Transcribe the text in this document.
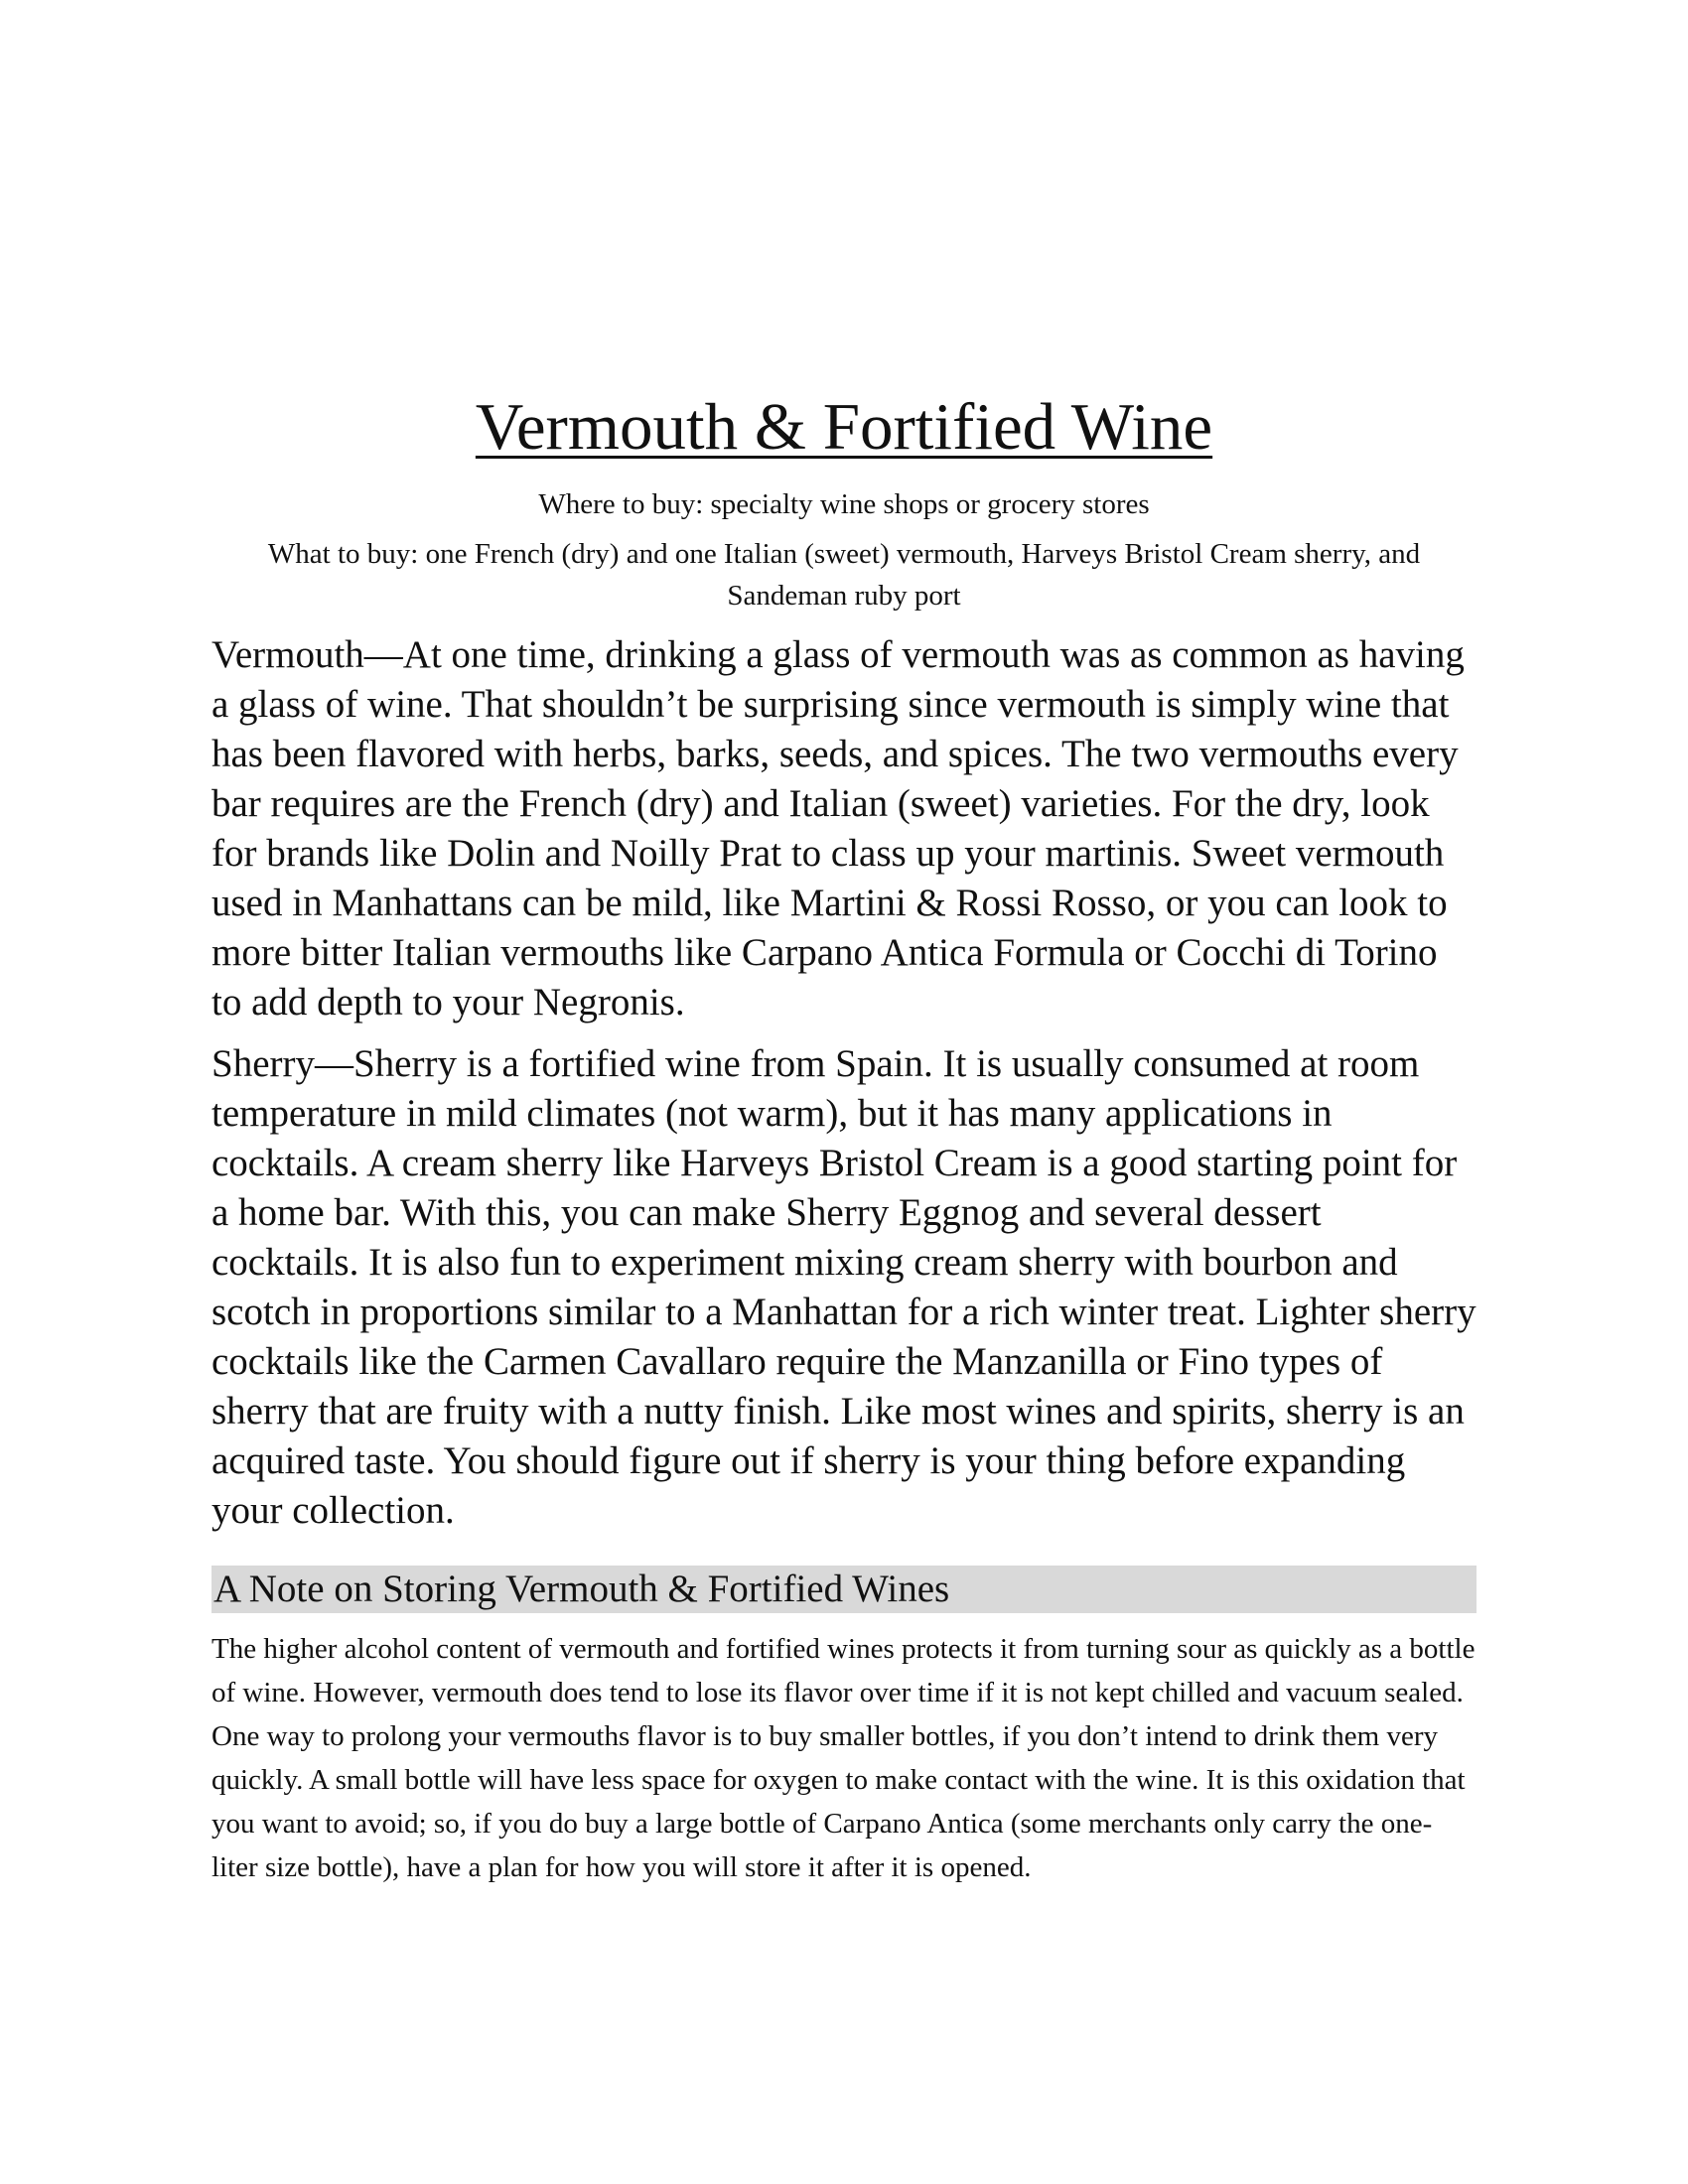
Vermouth & Fortified Wine

Where to buy: specialty wine shops or grocery stores

What to buy: one French (dry) and one Italian (sweet) vermouth, Harveys Bristol Cream sherry, and Sandeman ruby port

Vermouth—At one time, drinking a glass of vermouth was as common as having a glass of wine. That shouldn’t be surprising since vermouth is simply wine that has been flavored with herbs, barks, seeds, and spices. The two vermouths every bar requires are the French (dry) and Italian (sweet) varieties. For the dry, look for brands like Dolin and Noilly Prat to class up your martinis. Sweet vermouth used in Manhattans can be mild, like Martini & Rossi Rosso, or you can look to more bitter Italian vermouths like Carpano Antica Formula or Cocchi di Torino to add depth to your Negronis.

Sherry—Sherry is a fortified wine from Spain. It is usually consumed at room temperature in mild climates (not warm), but it has many applications in cocktails. A cream sherry like Harveys Bristol Cream is a good starting point for a home bar. With this, you can make Sherry Eggnog and several dessert cocktails. It is also fun to experiment mixing cream sherry with bourbon and scotch in proportions similar to a Manhattan for a rich winter treat. Lighter sherry cocktails like the Carmen Cavallaro require the Manzanilla or Fino types of sherry that are fruity with a nutty finish. Like most wines and spirits, sherry is an acquired taste. You should figure out if sherry is your thing before expanding your collection.

A Note on Storing Vermouth & Fortified Wines

The higher alcohol content of vermouth and fortified wines protects it from turning sour as quickly as a bottle of wine. However, vermouth does tend to lose its flavor over time if it is not kept chilled and vacuum sealed. One way to prolong your vermouths flavor is to buy smaller bottles, if you don’t intend to drink them very quickly. A small bottle will have less space for oxygen to make contact with the wine. It is this oxidation that you want to avoid; so, if you do buy a large bottle of Carpano Antica (some merchants only carry the one-liter size bottle), have a plan for how you will store it after it is opened.
